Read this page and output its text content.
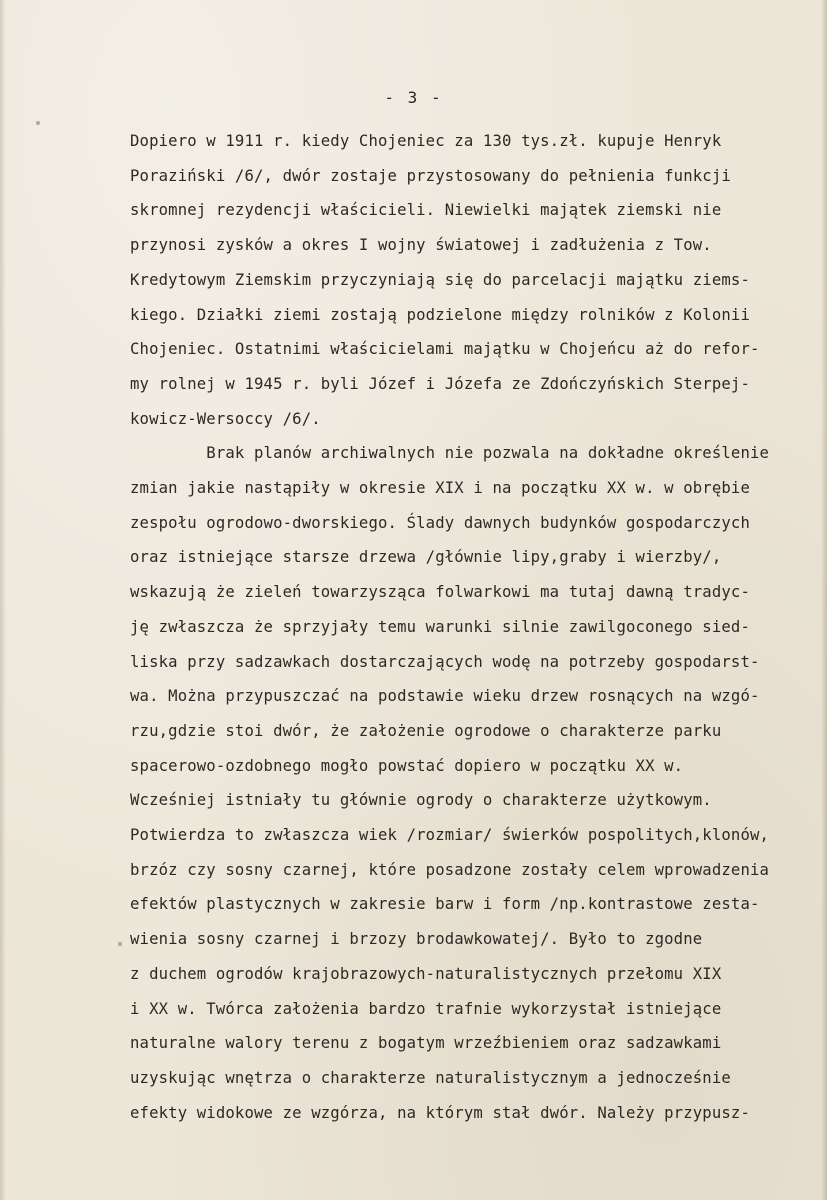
- 3 -
Dopiero w 1911 r. kiedy Chojeniec za 130 tys.zł. kupuje Henryk
Poraziński /6/, dwór zostaje przystosowany do pełnienia funkcji
skromnej rezydencji właścicieli. Niewielki majątek ziemski nie
przynosi zysków a okres I wojny światowej i zadłużenia z Tow.
Kredytowym Ziemskim przyczyniają się do parcelacji majątku ziems-
kiego. Działki ziemi zostają podzielone między rolników z Kolonii
Chojeniec. Ostatnimi właścicielami majątku w Chojeńcu aż do refor-
my rolnej w 1945 r. byli Józef i Józefa ze Zdończyńskich Sterpej-
kowicz-Wersoccy /6/.
Brak planów archiwalnych nie pozwala na dokładne określenie
zmian jakie nastąpiły w okresie XIX i na początku XX w. w obrębie
zespołu ogrodowo-dworskiego. Ślady dawnych budynków gospodarczych
oraz istniejące starsze drzewa /głównie lipy,graby i wierzby/,
wskazują że zieleń towarzysząca folwarkowi ma tutaj dawną tradyc-
ję zwłaszcza że sprzyjały temu warunki silnie zawilgoconego sied-
liska przy sadzawkach dostarczających wodę na potrzeby gospodarst-
wa. Można przypuszczać na podstawie wieku drzew rosnących na wzgó-
rzu,gdzie stoi dwór, że założenie ogrodowe o charakterze parku
spacerowo-ozdobnego mogło powstać dopiero w początku XX w.
Wcześniej istniały tu głównie ogrody o charakterze użytkowym.
Potwierdza to zwłaszcza wiek /rozmiar/ świerków pospolitych,klonów,
brzóz czy sosny czarnej, które posadzone zostały celem wprowadzenia
efektów plastycznych w zakresie barw i form /np.kontrastowe zesta-
wienia sosny czarnej i brzozy brodawkowatej/. Było to zgodne
z duchem ogrodów krajobrazowych-naturalistycznych przełomu XIX
i XX w. Twórca założenia bardzo trafnie wykorzystał istniejące
naturalne walory terenu z bogatym wrzeźbieniem oraz sadzawkami
uzyskując wnętrza o charakterze naturalistycznym a jednocześnie
efekty widokowe ze wzgórza, na którym stał dwór. Należy przypusz-
